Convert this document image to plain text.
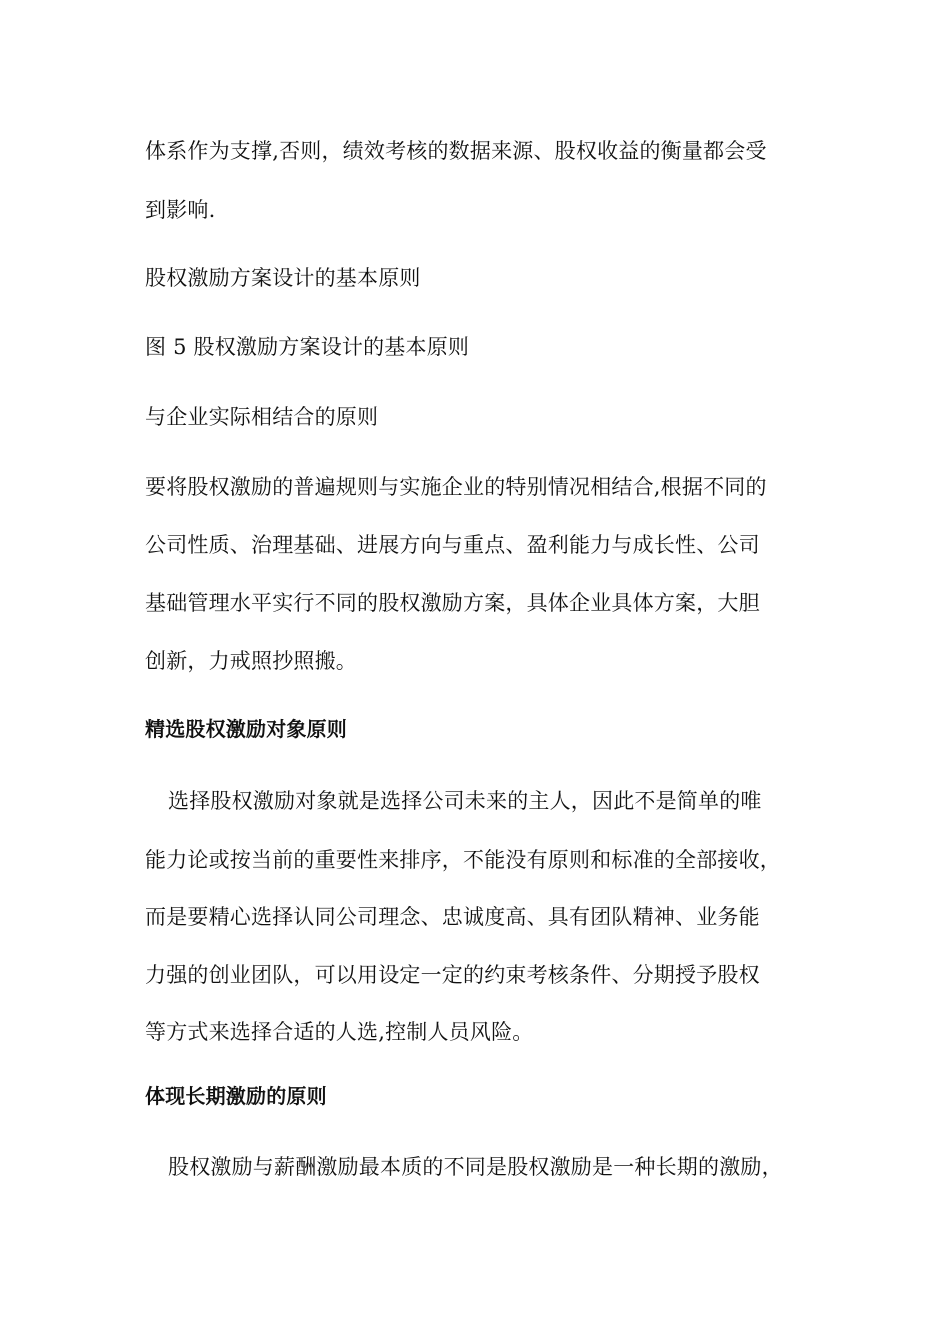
体系作为支撑,否则，绩效考核的数据来源、股权收益的衡量都会受
到影响.
股权激励方案设计的基本原则
图 5 股权激励方案设计的基本原则
与企业实际相结合的原则
要将股权激励的普遍规则与实施企业的特别情况相结合,根据不同的
公司性质、治理基础、进展方向与重点、盈利能力与成长性、公司
基础管理水平实行不同的股权激励方案，具体企业具体方案，大胆
创新，力戒照抄照搬。
精选股权激励对象原则
选择股权激励对象就是选择公司未来的主人，因此不是简单的唯
能力论或按当前的重要性来排序，不能没有原则和标准的全部接收，
而是要精心选择认同公司理念、忠诚度高、具有团队精神、业务能
力强的创业团队，可以用设定一定的约束考核条件、分期授予股权
等方式来选择合适的人选,控制人员风险。
体现长期激励的原则
股权激励与薪酬激励最本质的不同是股权激励是一种长期的激励，
